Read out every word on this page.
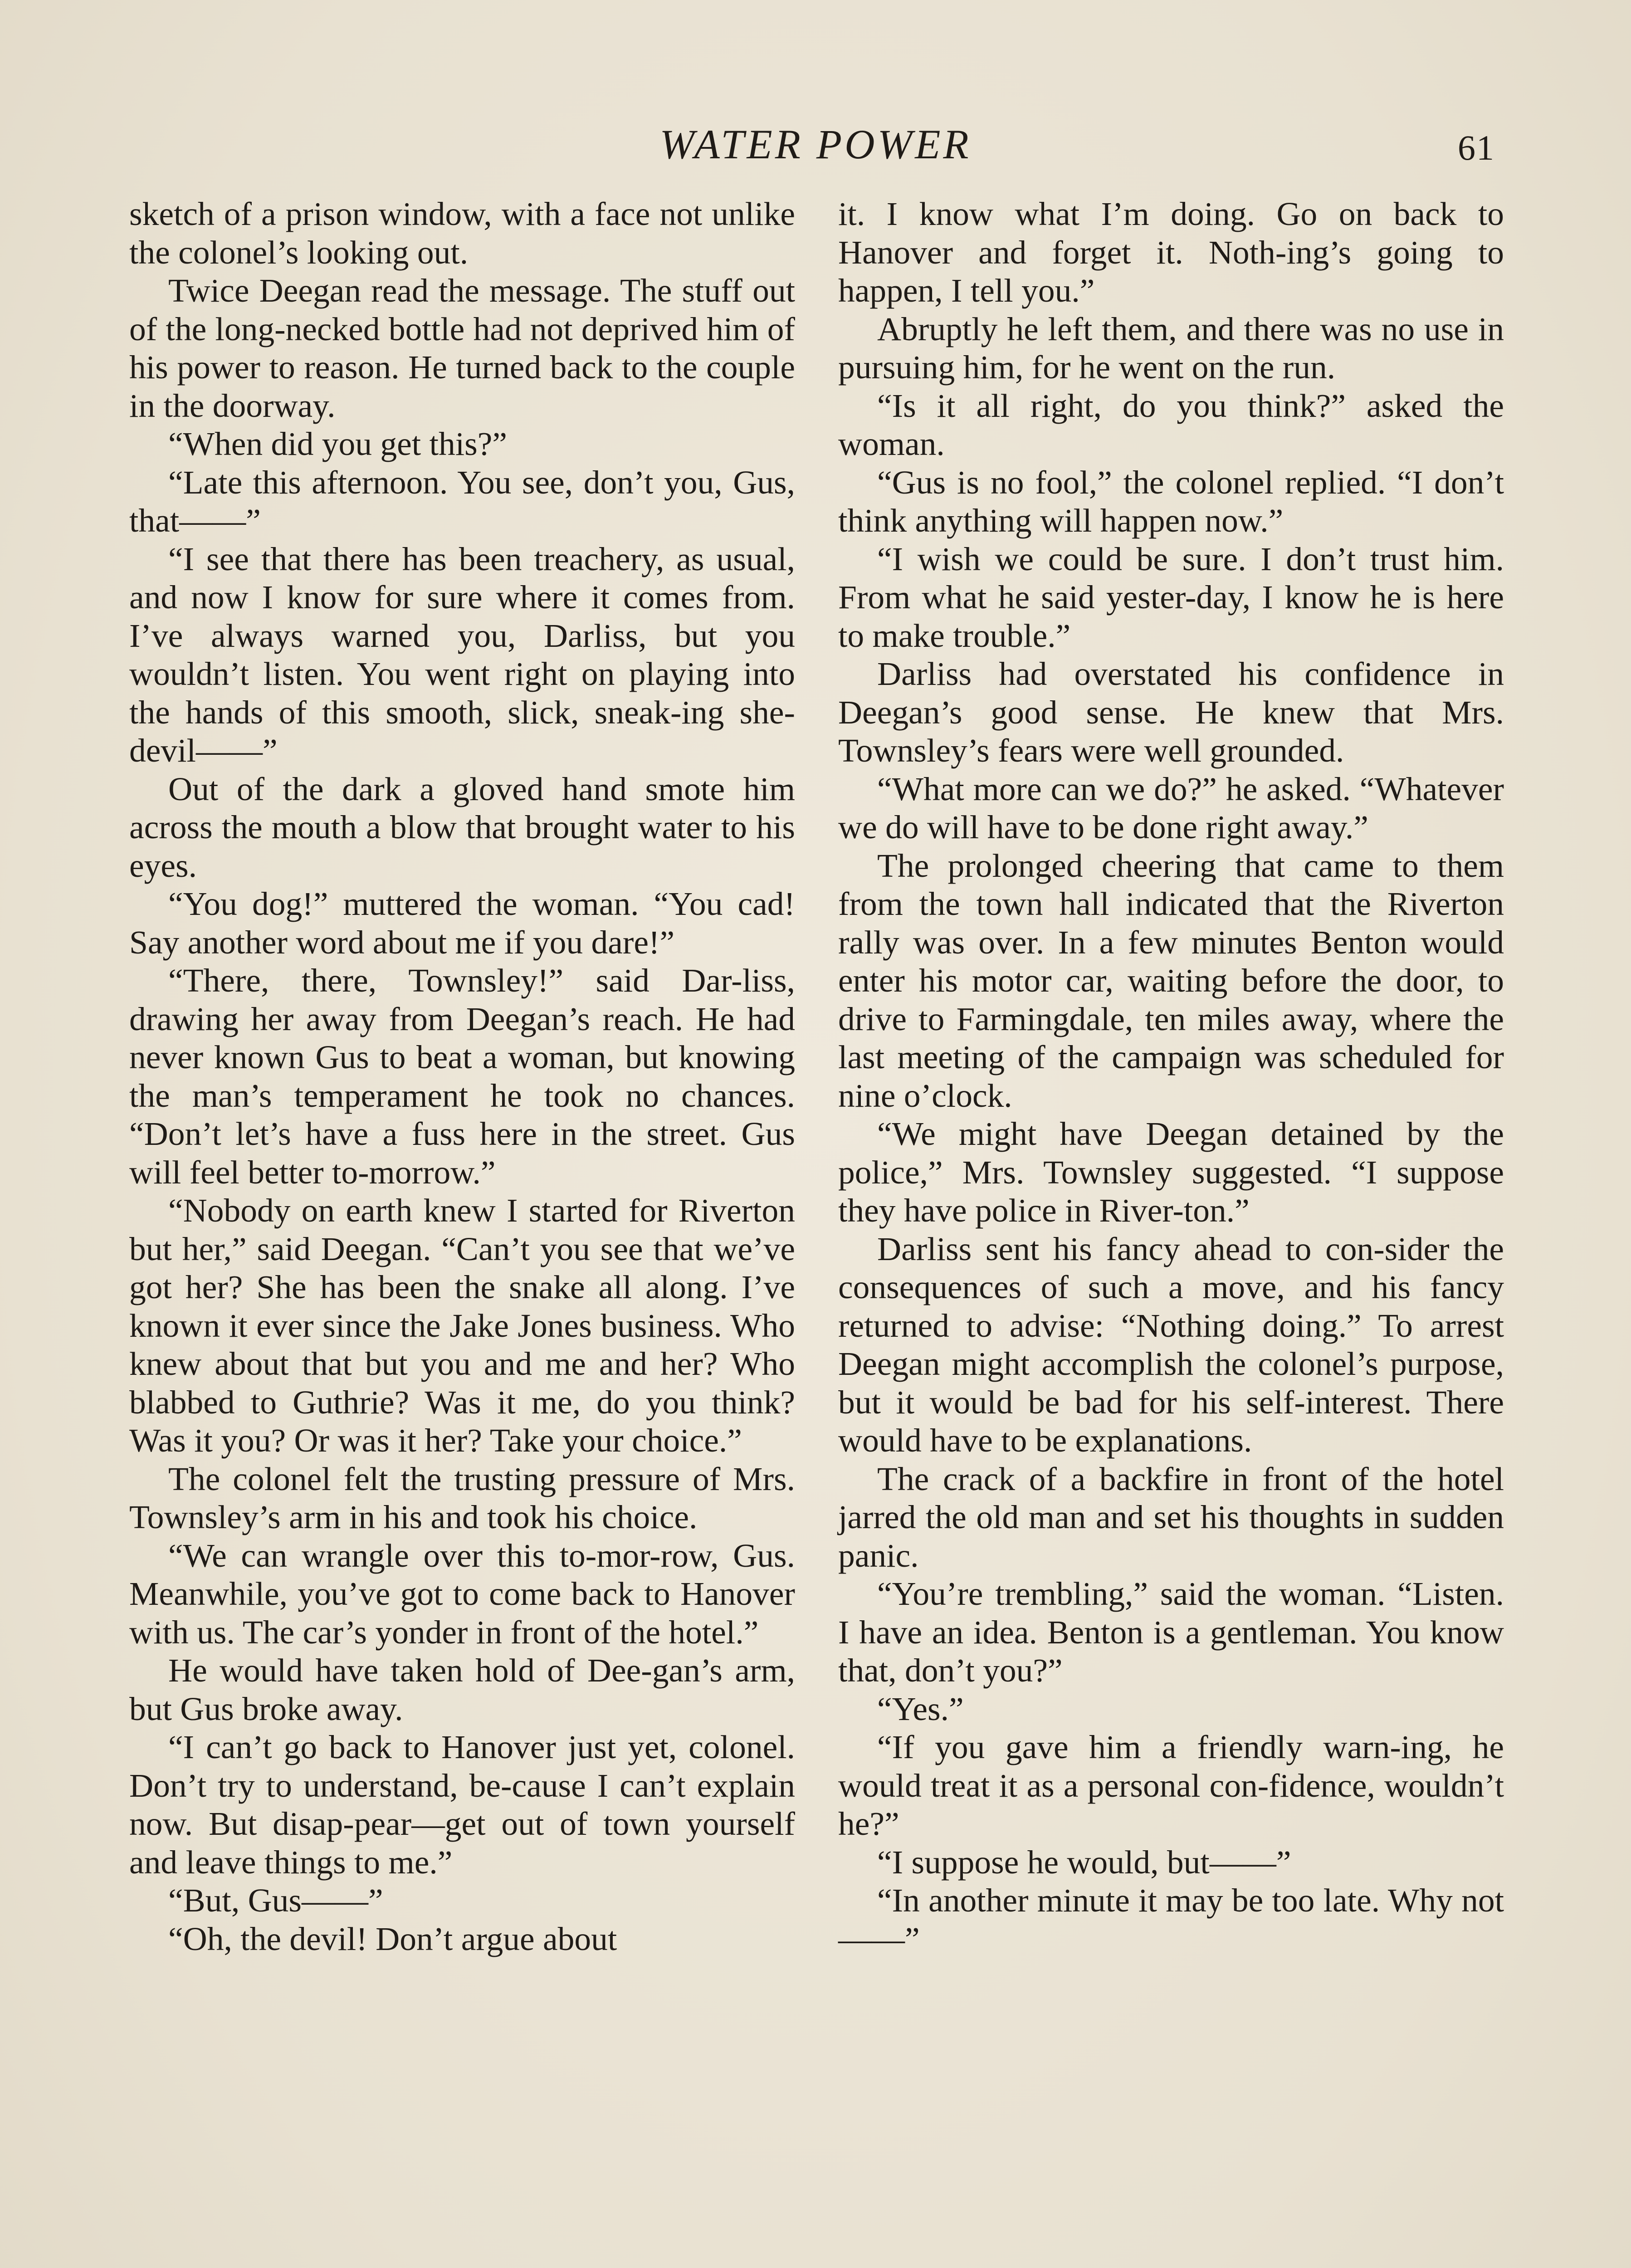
WATER POWER	61

sketch of a prison window, with a face not unlike the colonel’s looking out.

Twice Deegan read the message. The stuff out of the long-necked bottle had not deprived him of his power to reason. He turned back to the couple in the doorway.

“When did you get this?”

“Late this afternoon. You see, don’t you, Gus, that——”

“I see that there has been treachery, as usual, and now I know for sure where it comes from. I’ve always warned you, Darliss, but you wouldn’t listen. You went right on playing into the hands of this smooth, slick, sneak-ing she-devil——”

Out of the dark a gloved hand smote him across the mouth a blow that brought water to his eyes.

“You dog!” muttered the woman. “You cad! Say another word about me if you dare!”

“There, there, Townsley!” said Dar-liss, drawing her away from Deegan’s reach. He had never known Gus to beat a woman, but knowing the man’s temperament he took no chances. “Don’t let’s have a fuss here in the street. Gus will feel better to-morrow.”

“Nobody on earth knew I started for Riverton but her,” said Deegan. “Can’t you see that we’ve got her? She has been the snake all along. I’ve known it ever since the Jake Jones business. Who knew about that but you and me and her? Who blabbed to Guthrie? Was it me, do you think? Was it you? Or was it her? Take your choice.”

The colonel felt the trusting pressure of Mrs. Townsley’s arm in his and took his choice.

“We can wrangle over this to-mor-row, Gus. Meanwhile, you’ve got to come back to Hanover with us. The car’s yonder in front of the hotel.”

He would have taken hold of Dee-gan’s arm, but Gus broke away.

“I can’t go back to Hanover just yet, colonel. Don’t try to understand, be-cause I can’t explain now. But disap-pear—get out of town yourself and leave things to me.”

“But, Gus——”

“Oh, the devil! Don’t argue about

it. I know what I’m doing. Go on back to Hanover and forget it. Noth-ing’s going to happen, I tell you.”

Abruptly he left them, and there was no use in pursuing him, for he went on the run.

“Is it all right, do you think?” asked the woman.

“Gus is no fool,” the colonel replied. “I don’t think anything will happen now.”

“I wish we could be sure. I don’t trust him. From what he said yester-day, I know he is here to make trouble.”

Darliss had overstated his confidence in Deegan’s good sense. He knew that Mrs. Townsley’s fears were well grounded.

“What more can we do?” he asked. “Whatever we do will have to be done right away.”

The prolonged cheering that came to them from the town hall indicated that the Riverton rally was over. In a few minutes Benton would enter his motor car, waiting before the door, to drive to Farmingdale, ten miles away, where the last meeting of the campaign was scheduled for nine o’clock.

“We might have Deegan detained by the police,” Mrs. Townsley suggested. “I suppose they have police in River-ton.”

Darliss sent his fancy ahead to con-sider the consequences of such a move, and his fancy returned to advise: “Nothing doing.” To arrest Deegan might accomplish the colonel’s purpose, but it would be bad for his self-interest. There would have to be explanations.

The crack of a backfire in front of the hotel jarred the old man and set his thoughts in sudden panic.

“You’re trembling,” said the woman. “Listen. I have an idea. Benton is a gentleman. You know that, don’t you?”

“Yes.”

“If you gave him a friendly warn-ing, he would treat it as a personal con-fidence, wouldn’t he?”

“I suppose he would, but——”

“In another minute it may be too late. Why not——”
